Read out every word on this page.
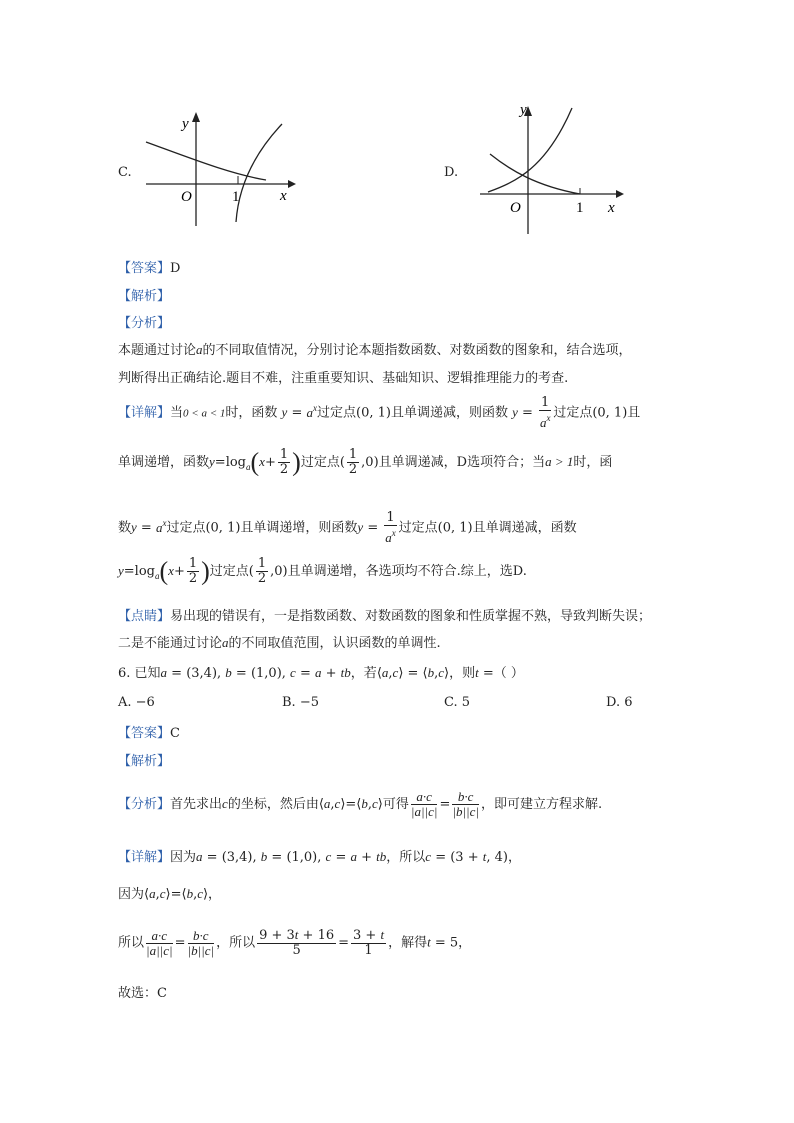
C.
y
x
O	1
D.
y
x
O	1
【答案】D
【解析】
【分析】
本题通过讨论a的不同取值情况，分别讨论本题指数函数、对数函数的图象和，结合选项，
判断得出正确结论.题目不难，注重重要知识、基础知识、逻辑推理能力的考查.
【详解】当0 < a < 1时，函数 $y = a^x$过定点(0, 1)且单调递减，则函数 $y = \frac{1}{a^x}$ 过定点(0, 1)且
单调递增，函数$y=\log_a(x+ \frac{1}{2}$ )过定点( $\frac{1}{2} ,0$)且单调递减，D选项符合；当a > 1时，函
数$y = a^x$过定点(0, 1)且单调递增，则函数$y = \frac{1}{a^x}$ 过定点(0, 1)且单调递减，函数
$y=\log_a(x+ \frac{1}{2}$ )过定点( $\frac{1}{2} ,0$)且单调递增，各选项均不符合.综上，选D.
【点睛】易出现的错误有，一是指数函数、对数函数的图象和性质掌握不熟，导致判断失误；
二是不能通过讨论a的不同取值范围，认识函数的单调性.
6. 已知a = (3,4), b = (1,0), c = a + tb，若⟨a,c⟩ = ⟨b,c⟩，则t =（ ）
A. −6	B. −5	C. 5	D. 6
【答案】C
【解析】
【分析】首先求出c的坐标，然后由⟨a,c⟩=⟨b,c⟩可得 $\frac{a\cdot c}{|a||c|} = \frac{b\cdot c}{|b||c|}$ ，即可建立方程求解.
【详解】因为a = (3,4), b = (1,0), c = a + tb，所以c = (3 + t, 4)，
因为⟨a,c⟩=⟨b,c⟩，
所以 $\frac{a\cdot c}{|a||c|} = \frac{b\cdot c}{|b||c|}$ ，所以 $\frac{9 + 3t + 16}{5} = \frac{3 + t}{1}$ ，解得t = 5，
故选：C
